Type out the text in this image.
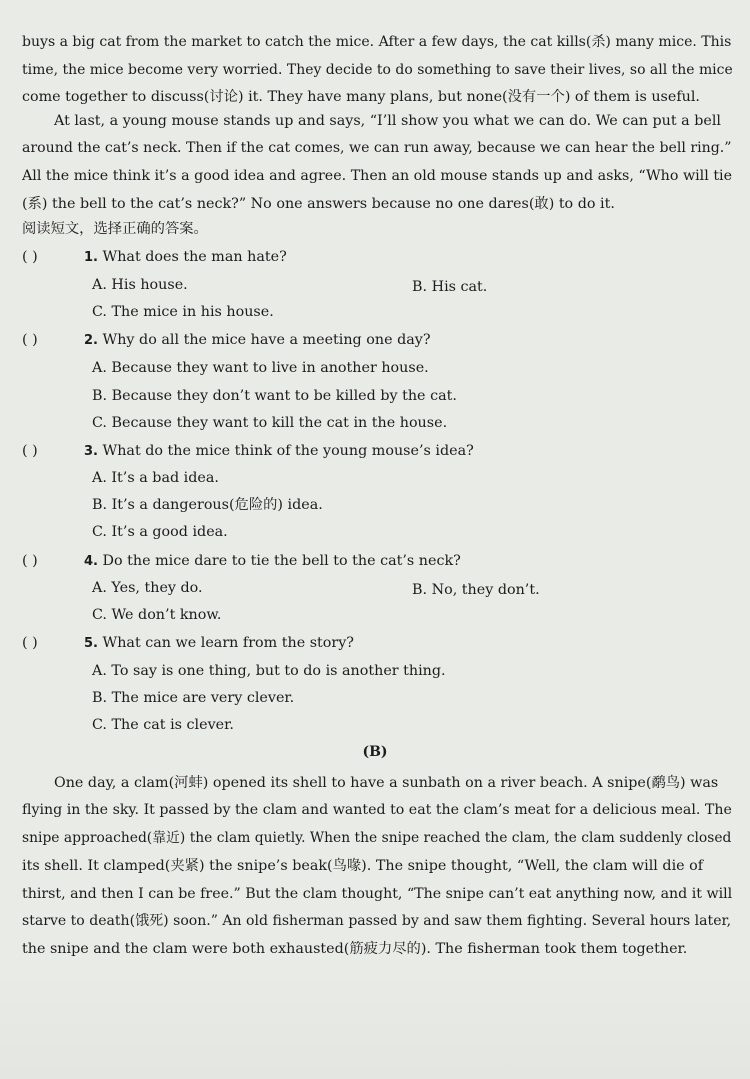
buys a big cat from the market to catch the mice. After a few days, the cat kills(杀) many mice. This
time, the mice become very worried. They decide to do something to save their lives, so all the mice
come together to discuss(讨论) it. They have many plans, but none(没有一个) of them is useful.
At last, a young mouse stands up and says, “I’ll show you what we can do. We can put a bell
around the cat’s neck. Then if the cat comes, we can run away, because we can hear the bell ring.”
All the mice think it’s a good idea and agree. Then an old mouse stands up and asks, “Who will tie
(系) the bell to the cat’s neck?” No one answers because no one dares(敢) to do it.
阅读短文，选择正确的答案。
( )	1. What does the man hate?
A. His house.	B. His cat.
C. The mice in his house.
( )	2. Why do all the mice have a meeting one day?
A. Because they want to live in another house.
B. Because they don’t want to be killed by the cat.
C. Because they want to kill the cat in the house.
( )	3. What do the mice think of the young mouse’s idea?
A. It’s a bad idea.
B. It’s a dangerous(危险的) idea.
C. It’s a good idea.
( )	4. Do the mice dare to tie the bell to the cat’s neck?
A. Yes, they do.	B. No, they don’t.
C. We don’t know.
( )	5. What can we learn from the story?
A. To say is one thing, but to do is another thing.
B. The mice are very clever.
C. The cat is clever.
(B)
One day, a clam(河蚌) opened its shell to have a sunbath on a river beach. A snipe(鹬鸟) was
flying in the sky. It passed by the clam and wanted to eat the clam’s meat for a delicious meal. The
snipe approached(靠近) the clam quietly. When the snipe reached the clam, the clam suddenly closed
its shell. It clamped(夹紧) the snipe’s beak(鸟喙). The snipe thought, “Well, the clam will die of
thirst, and then I can be free.” But the clam thought, “The snipe can’t eat anything now, and it will
starve to death(饿死) soon.” An old fisherman passed by and saw them fighting. Several hours later,
the snipe and the clam were both exhausted(筋疲力尽的). The fisherman took them together.
